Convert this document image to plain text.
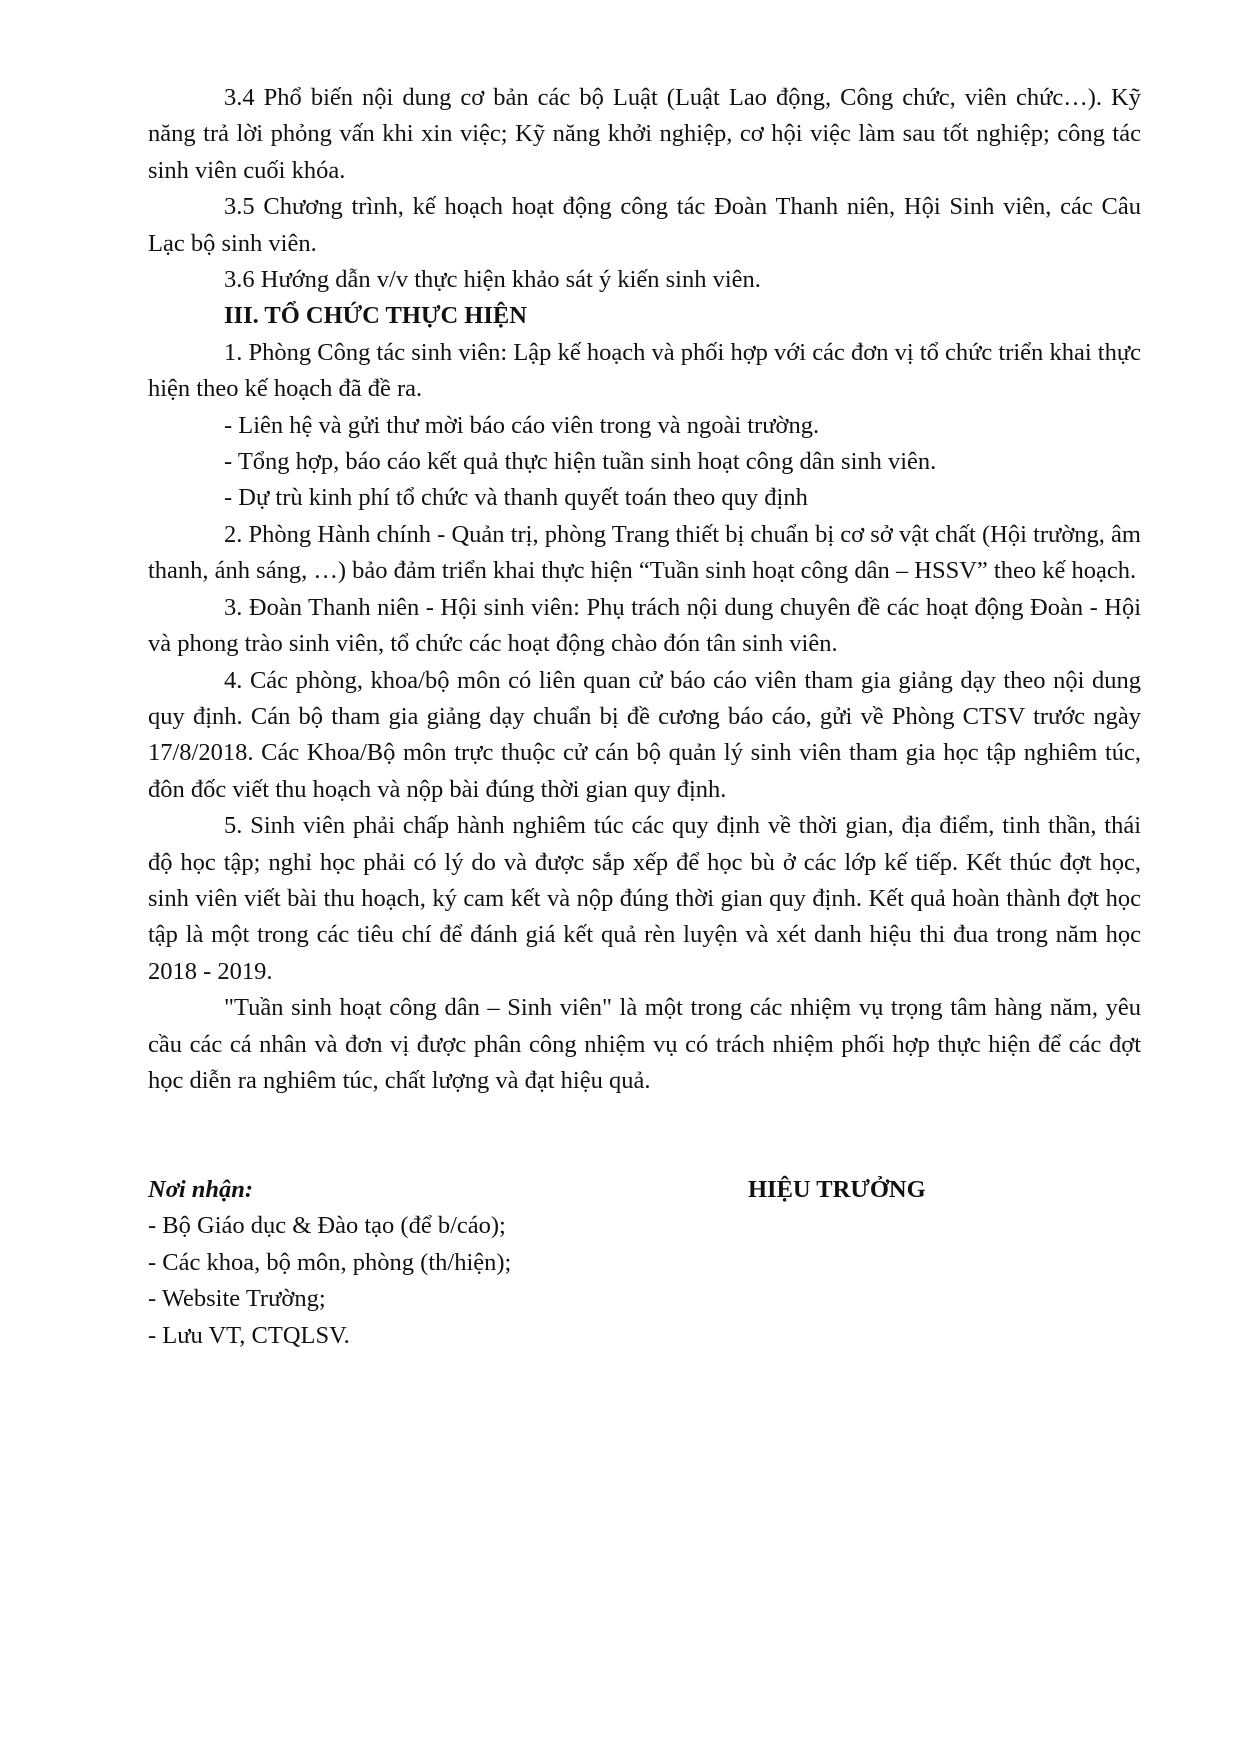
3.4 Phổ biến nội dung cơ bản các bộ Luật (Luật Lao động, Công chức, viên chức…). Kỹ năng trả lời phỏng vấn khi xin việc; Kỹ năng khởi nghiệp, cơ hội việc làm sau tốt nghiệp; công tác sinh viên cuối khóa.

3.5 Chương trình, kế hoạch hoạt động công tác Đoàn Thanh niên, Hội Sinh viên, các Câu Lạc bộ sinh viên.

3.6 Hướng dẫn v/v thực hiện khảo sát ý kiến sinh viên.

III. TỔ CHỨC THỰC HIỆN

1. Phòng Công tác sinh viên: Lập kế hoạch và phối hợp với các đơn vị tổ chức triển khai thực hiện theo kế hoạch đã đề ra.

- Liên hệ và gửi thư mời báo cáo viên trong và ngoài trường.

- Tổng hợp, báo cáo kết quả thực hiện tuần sinh hoạt công dân sinh viên.

- Dự trù kinh phí tổ chức và thanh quyết toán theo quy định

2. Phòng Hành chính - Quản trị, phòng Trang thiết bị chuẩn bị cơ sở vật chất (Hội trường, âm thanh, ánh sáng, …) bảo đảm triển khai thực hiện “Tuần sinh hoạt công dân – HSSV” theo kế hoạch.

3. Đoàn Thanh niên - Hội sinh viên: Phụ trách nội dung chuyên đề các hoạt động Đoàn - Hội và phong trào sinh viên, tổ chức các hoạt động chào đón tân sinh viên.

4. Các phòng, khoa/bộ môn có liên quan cử báo cáo viên tham gia giảng dạy theo nội dung quy định. Cán bộ tham gia giảng dạy chuẩn bị đề cương báo cáo, gửi về Phòng CTSV trước ngày 17/8/2018. Các Khoa/Bộ môn trực thuộc cử cán bộ quản lý sinh viên tham gia học tập nghiêm túc, đôn đốc viết thu hoạch và nộp bài đúng thời gian quy định.

5. Sinh viên phải chấp hành nghiêm túc các quy định về thời gian, địa điểm, tinh thần, thái độ học tập; nghỉ học phải có lý do và được sắp xếp để học bù ở các lớp kế tiếp. Kết thúc đợt học, sinh viên viết bài thu hoạch, ký cam kết và nộp đúng thời gian quy định. Kết quả hoàn thành đợt học tập là một trong các tiêu chí để đánh giá kết quả rèn luyện và xét danh hiệu thi đua trong năm học 2018 - 2019.

"Tuần sinh hoạt công dân – Sinh viên" là một trong các nhiệm vụ trọng tâm hàng năm, yêu cầu các cá nhân và đơn vị được phân công nhiệm vụ có trách nhiệm phối hợp thực hiện để các đợt học diễn ra nghiêm túc, chất lượng và đạt hiệu quả.

Nơi nhận:

- Bộ Giáo dục & Đào tạo (để b/cáo);

- Các khoa, bộ môn, phòng (th/hiện);

- Website Trường;

- Lưu VT, CTQLSV.

HIỆU TRƯỞNG
